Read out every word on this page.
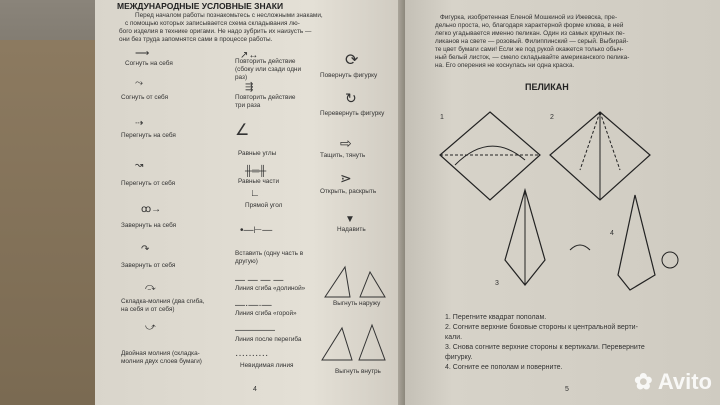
МЕЖДУНАРОДНЫЕ УСЛОВНЫЕ ЗНАКИ
Перед началом работы познакомьтесь с несложными знаками,
с помощью которых записывается схема складывания лю-
бого изделия в технике оригами. Не надо зубрить их наизусть —
они без труда запомнятся сами в процессе работы.
⟶
Согнуть на себя
⤳
Согнуть от себя
⇢
Перегнуть на себя
↝
Перегнуть от себя
ꝏ→
Завернуть на себя
↷
Завернуть от себя
⤼
Складка-молния (два сгиба, на себя и от себя)
⤻
Двойная молния (складка-молния двух слоев бумаги)
↗↔
Повторить действие (сбоку или сзади одни раз)
⇶
Повторить действие три раза
∠
Равные углы
╫═╫
Равные части
∟
Прямой угол
•—⊢—
Вставить (одну часть в другую)
— — — —
Линия сгиба «долиной»
—·—·—
Линия сгиба «горой»
————
Линия после перегиба
··········
Невидимая линия
⟳
Повернуть фигурку
↻
Перевернуть фигурку
⇨
Тащить, тянуть
⋗
Открыть, раскрыть
▼
Надавить
Выгнуть наружу
Выгнуть внутрь
4
Фигурка, изобретенная Еленой Мошкиной из Ижевска, пре-
дельно проста, но, благодаря характерной форме клюва, в ней
легко угадывается именно пеликан. Один из самых крупных пе-
ликанов на свете — розовый. Филиппинский — серый. Выбирай-
те цвет бумаги сами! Если же под рукой окажется только обыч-
ный белый листок, — смело складывайте американского пелика-
на. Его оперения не коснулась ни одна краска.
ПЕЛИКАН
1	2
3
4
1. Перегните квадрат пополам.
2. Согните верхние боковые стороны к центральной верти-
кали.
3. Снова согните верхние стороны к вертикали. Переверните
фигурку.
4. Согните ее пополам и поверните.
5	✿ Avito
